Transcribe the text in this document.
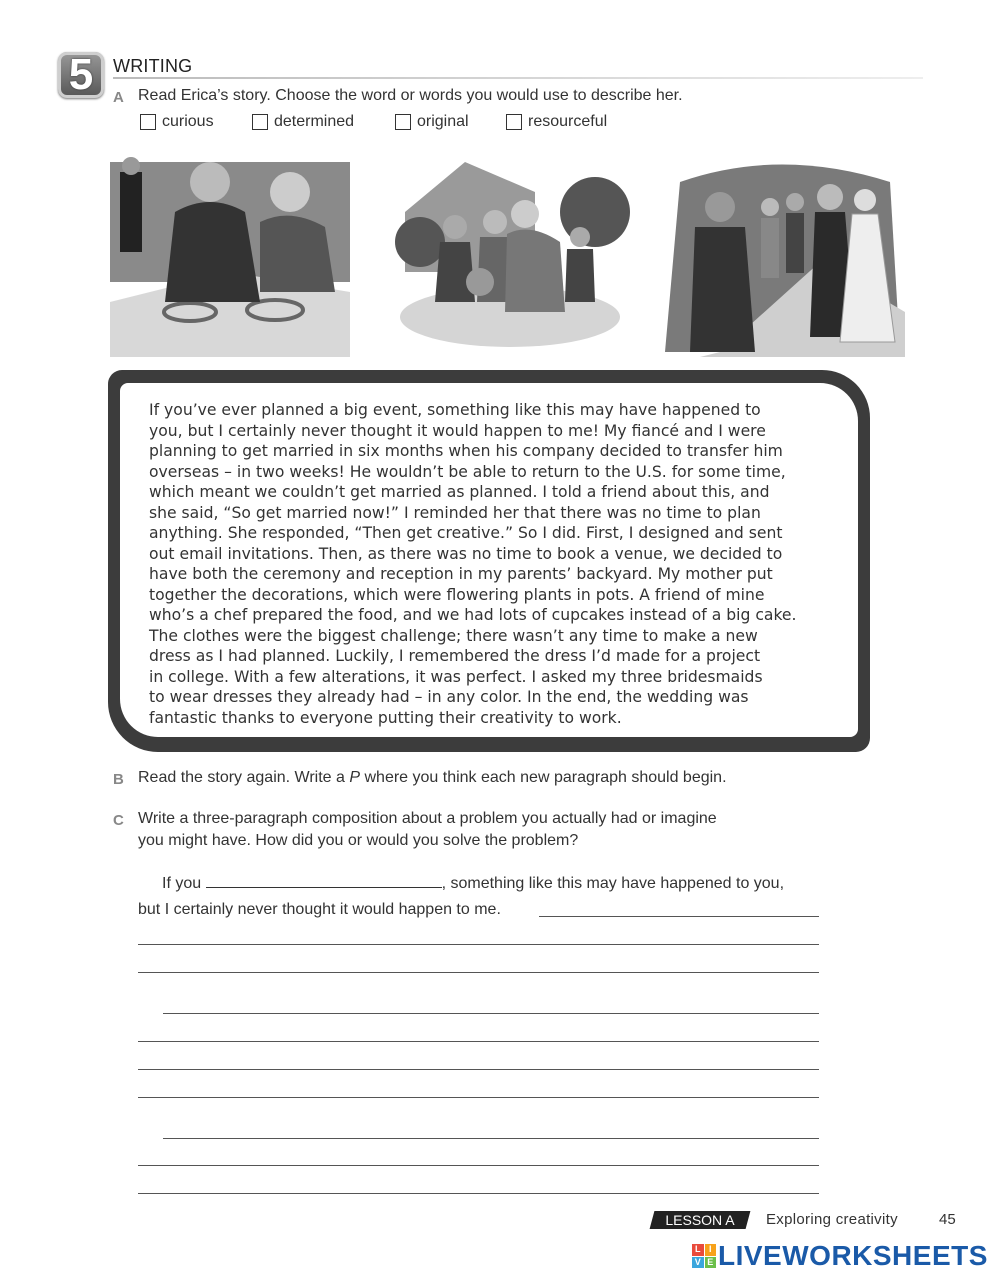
5	WRITING
A Read Erica’s story. Choose the word or words you would use to describe her.
curious	determined	original	resourceful
If you’ve ever planned a big event, something like this may have happened to
you, but I certainly never thought it would happen to me! My fiancé and I were
planning to get married in six months when his company decided to transfer him
overseas – in two weeks! He wouldn’t be able to return to the U.S. for some time,
which meant we couldn’t get married as planned. I told a friend about this, and
she said, “So get married now!” I reminded her that there was no time to plan
anything. She responded, “Then get creative.” So I did. First, I designed and sent
out email invitations. Then, as there was no time to book a venue, we decided to
have both the ceremony and reception in my parents’ backyard. My mother put
together the decorations, which were flowering plants in pots. A friend of mine
who’s a chef prepared the food, and we had lots of cupcakes instead of a big cake.
The clothes were the biggest challenge; there wasn’t any time to make a new
dress as I had planned. Luckily, I remembered the dress I’d made for a project
in college. With a few alterations, it was perfect. I asked my three bridesmaids
to wear dresses they already had – in any color. In the end, the wedding was
fantastic thanks to everyone putting their creativity to work.
B Read the story again. Write a P where you think each new paragraph should begin.
C Write a three-paragraph composition about a problem you actually had or imagine
you might have. How did you or would you solve the problem?
If you	, something like this may have happened to you,
but I certainly never thought it would happen to me.
LESSON A	Exploring creativity	45
L I
V E LIVEWORKSHEETS
